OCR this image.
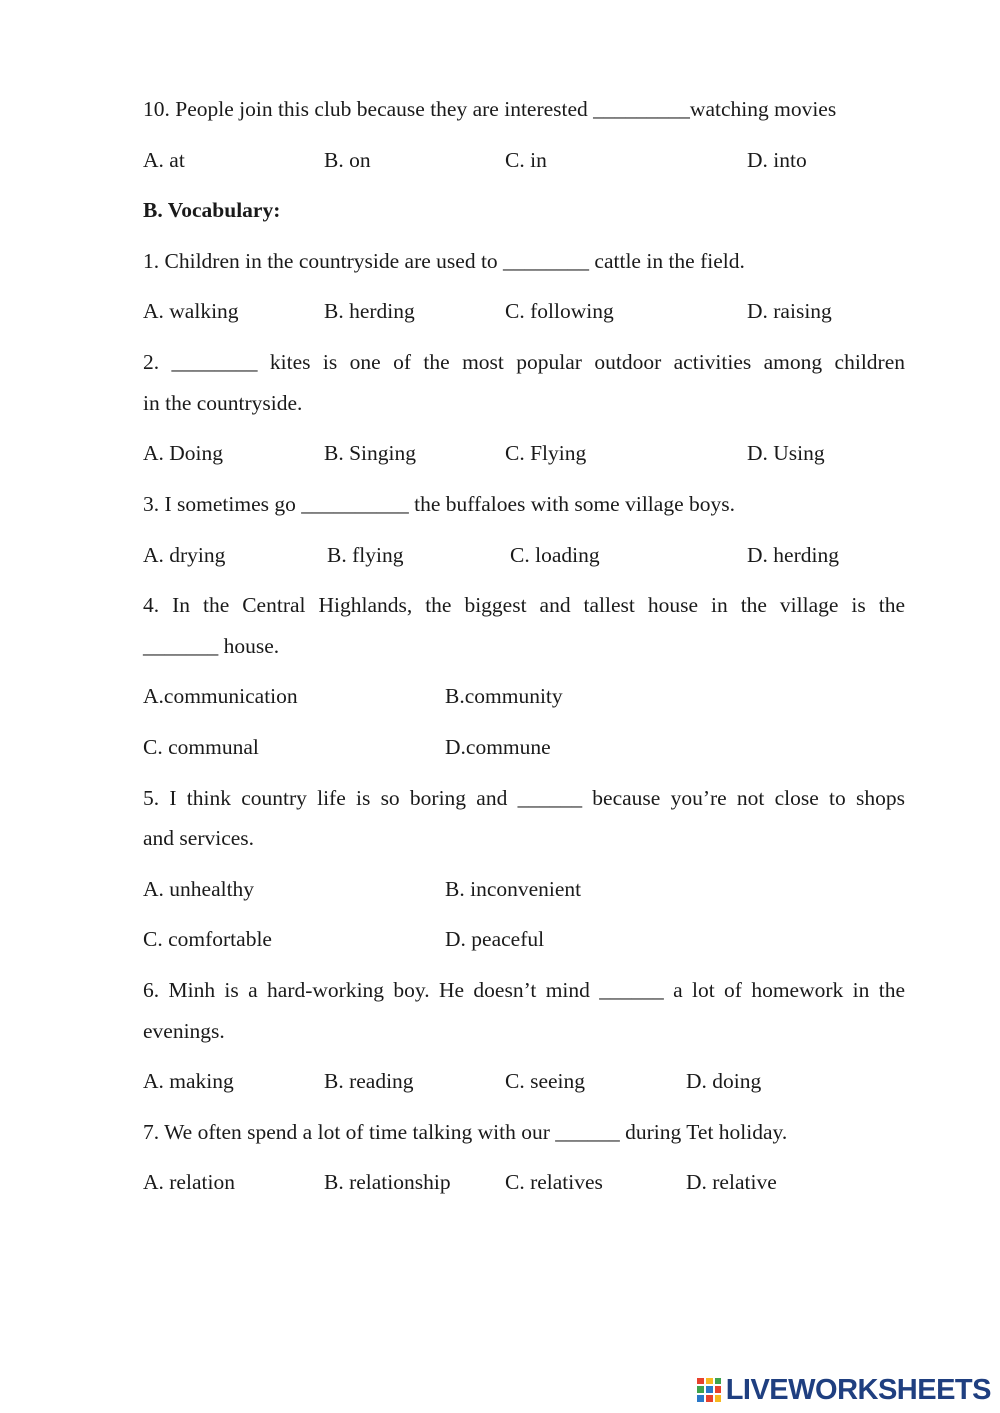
10. People join this club because they are interested _________watching movies

A. at	B. on	C. in	D. into

B. Vocabulary:

1. Children in the countryside are used to ________ cattle in the field.

A. walking	B. herding	C. following	D. raising

2. ________ kites is one of the most popular outdoor activities among children

in the countryside.

A. Doing	B. Singing	C. Flying	D. Using

3. I sometimes go __________ the buffaloes with some village boys.

A. drying	B. flying	C. loading	D. herding

4. In the Central Highlands, the biggest and tallest house in the village is the

_______ house.

A.communication	B.community
C. communal	D.commune

5. I think country life is so boring and ______ because you’re not close to shops

and services.

A. unhealthy	B. inconvenient
C. comfortable	D. peaceful

6. Minh is a hard-working boy. He doesn’t mind ______ a lot of homework in the

evenings.

A. making	B. reading	C. seeing	D. doing

7. We often spend a lot of time talking with our ______ during Tet holiday.

A. relation	B. relationship	C. relatives	D. relative
LIVEWORKSHEETS
